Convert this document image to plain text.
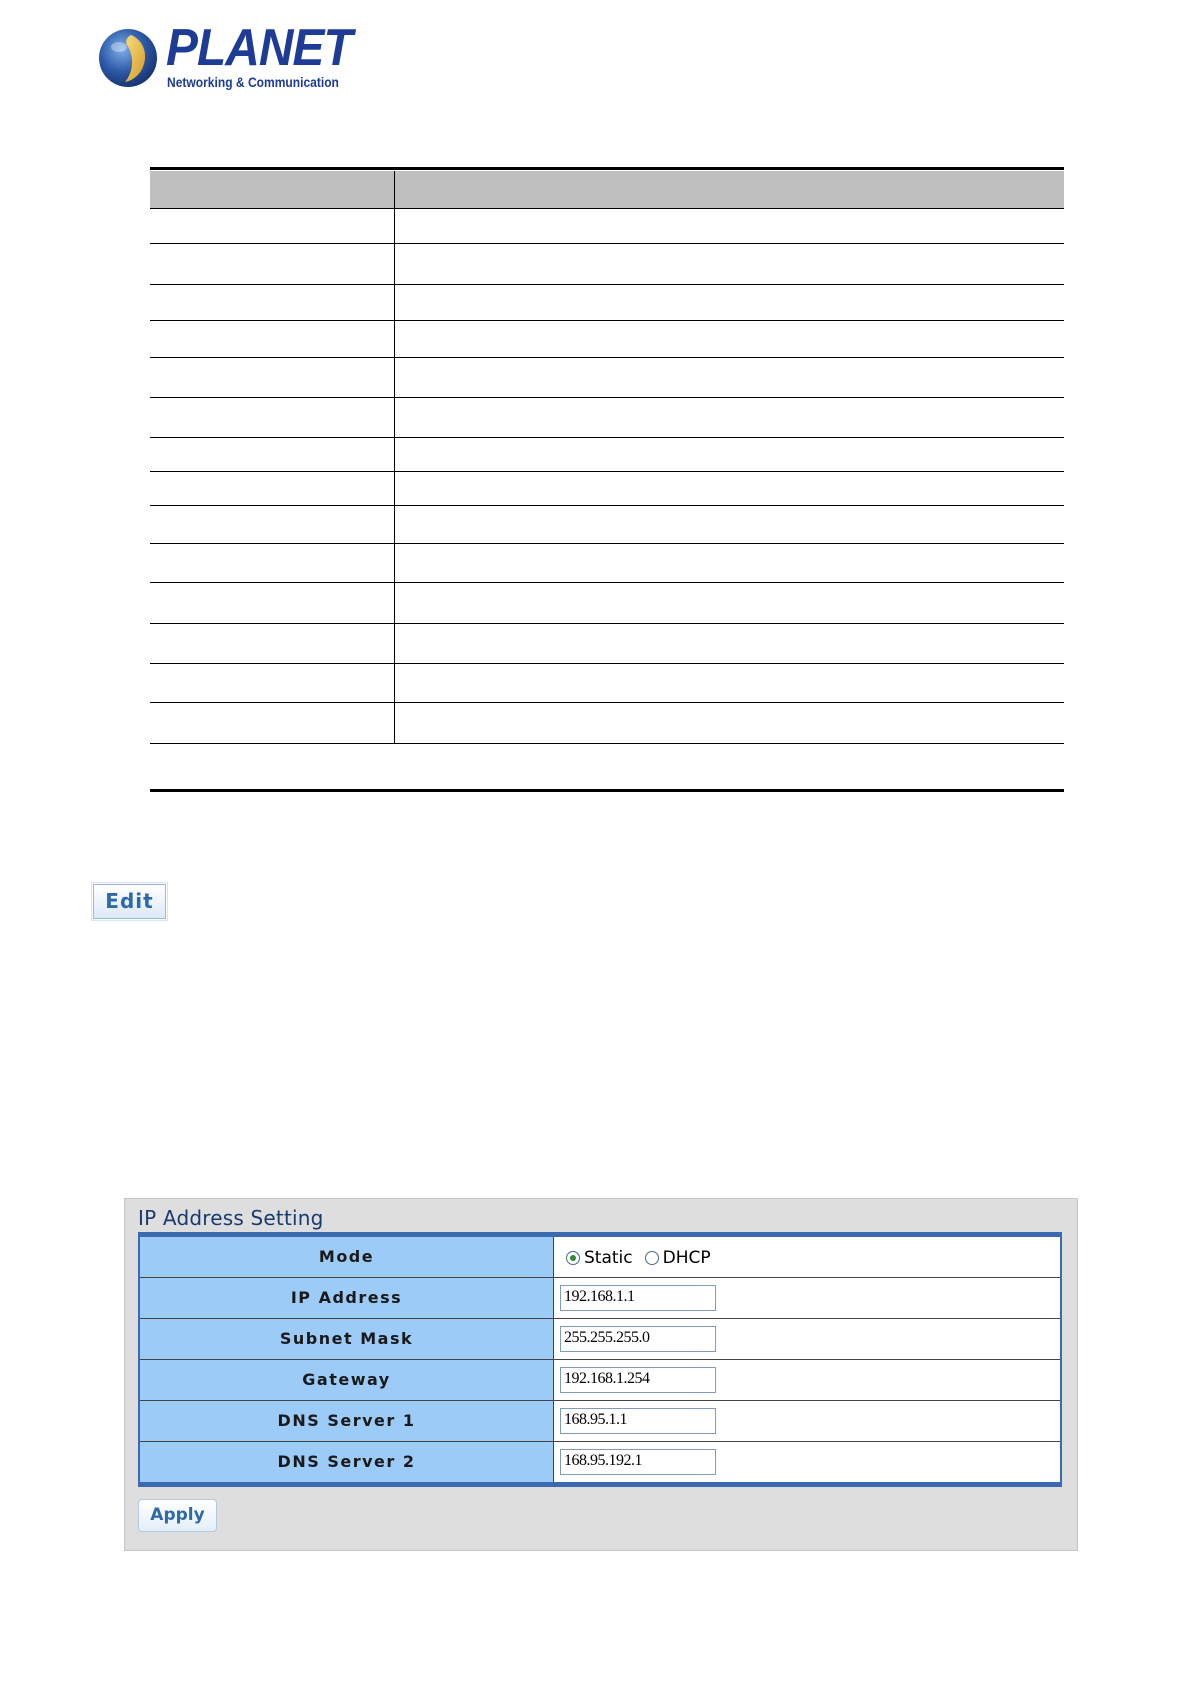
PLANET
Networking & Communication
Edit
IP Address Setting
Mode	Static DHCP
IP Address	192.168.1.1
Subnet Mask	255.255.255.0
Gateway	192.168.1.254
DNS Server 1	168.95.1.1
DNS Server 2	168.95.192.1
Apply
